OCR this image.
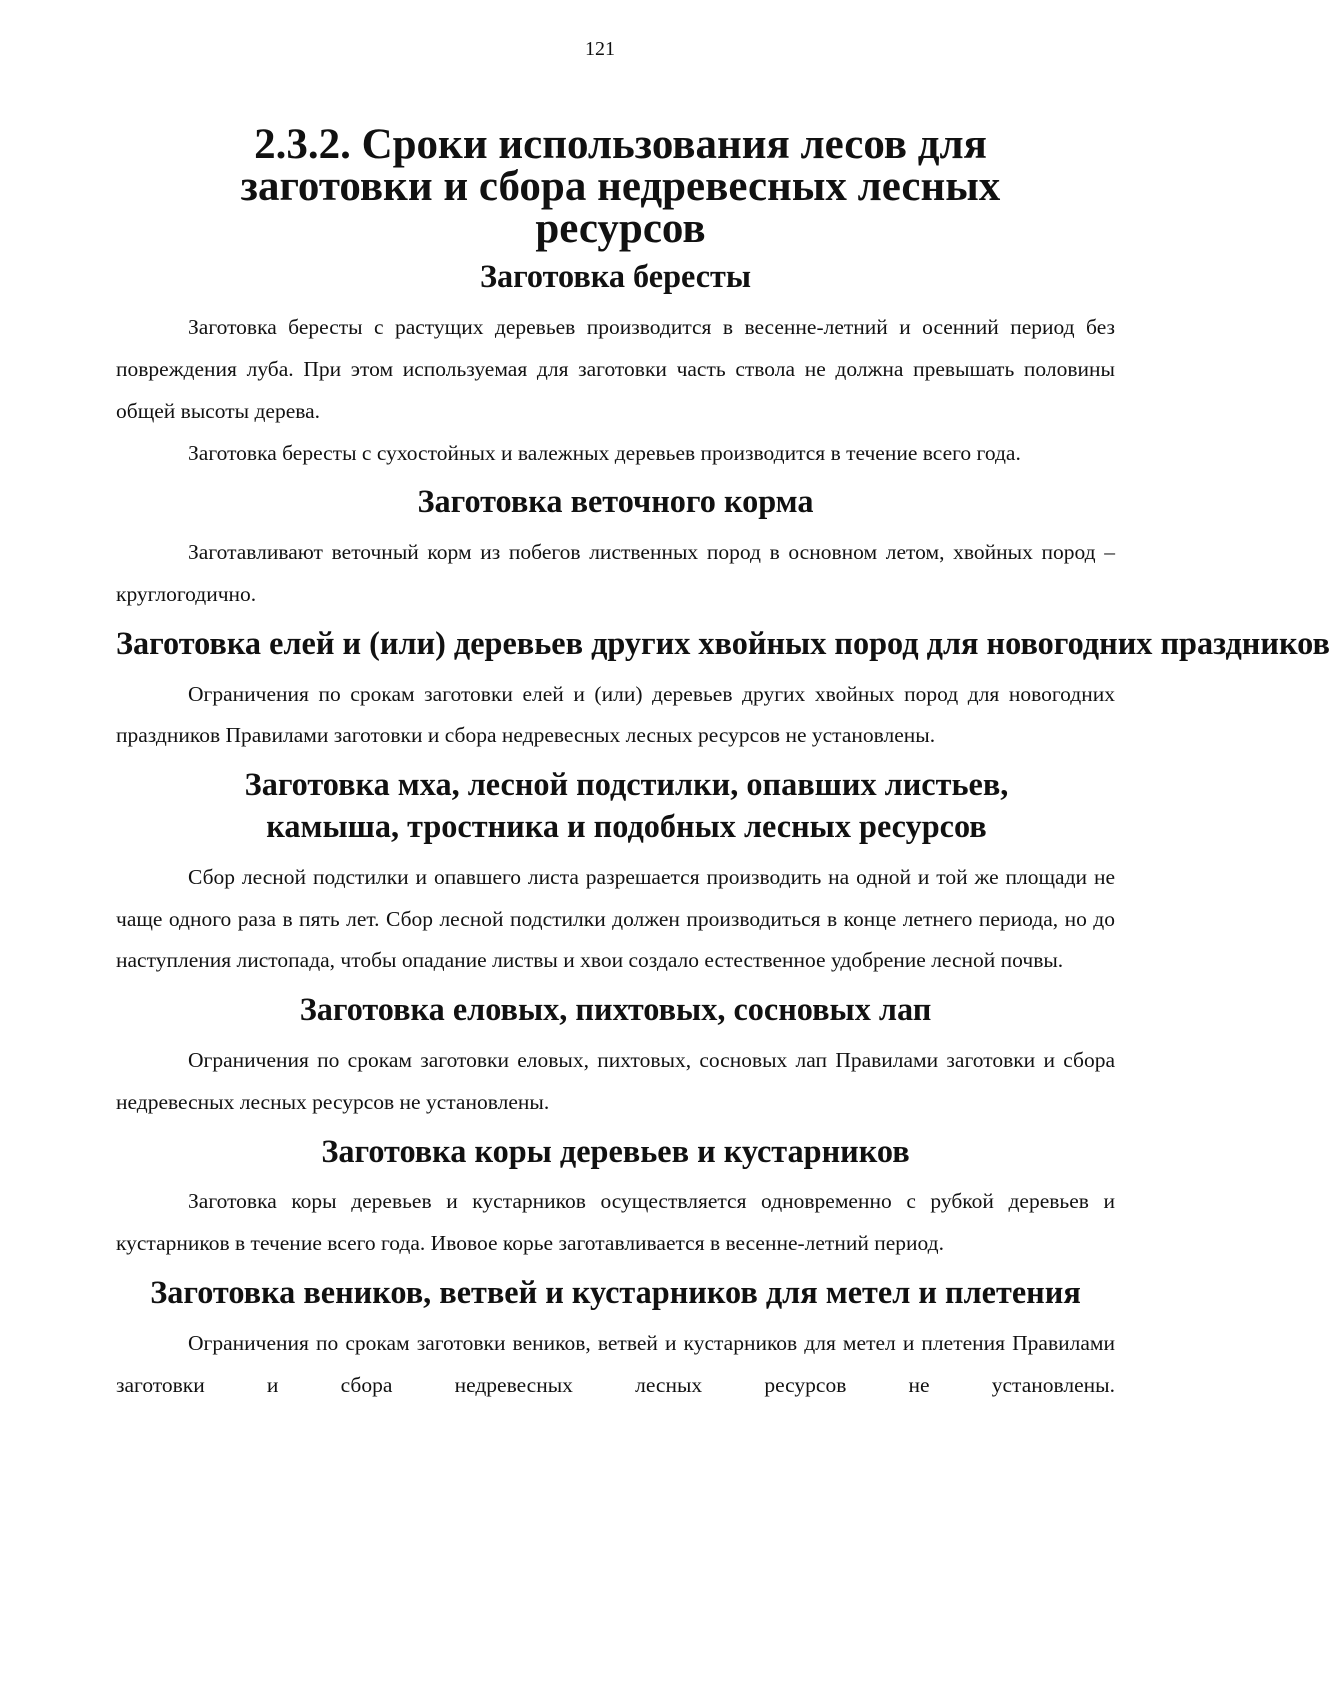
121
2.3.2. Сроки использования лесов для заготовки и сбора недревесных лесных ресурсов
Заготовка бересты

Заготовка бересты с растущих деревьев производится в весенне-летний и осенний период без повреждения луба. При этом используемая для заготовки часть ствола не должна превышать половины общей высоты дерева.

Заготовка бересты с сухостойных и валежных деревьев производится в течение всего года.

Заготовка веточного корма

Заготавливают веточный корм из побегов лиственных пород в основном летом, хвойных пород – круглогодично.

Заготовка елей и (или) деревьев других хвойных пород для новогодних праздников

Ограничения по срокам заготовки елей и (или) деревьев других хвойных пород для новогодних праздников Правилами заготовки и сбора недревесных лесных ресурсов не установлены.

Заготовка мха, лесной подстилки, опавших листьев, камыша, тростника и подобных лесных ресурсов

Сбор лесной подстилки и опавшего листа разрешается производить на одной и той же площади не чаще одного раза в пять лет. Сбор лесной подстилки должен производиться в конце летнего периода, но до наступления листопада, чтобы опадание листвы и хвои создало естественное удобрение лесной почвы.

Заготовка еловых, пихтовых, сосновых лап

Ограничения по срокам заготовки еловых, пихтовых, сосновых лап Правилами заготовки и сбора недревесных лесных ресурсов не установлены.

Заготовка коры деревьев и кустарников

Заготовка коры деревьев и кустарников осуществляется одновременно с рубкой деревьев и кустарников в течение всего года. Ивовое корье заготавливается в весенне-летний период.

Заготовка веников, ветвей и кустарников для метел и плетения

Ограничения по срокам заготовки веников, ветвей и кустарников для метел и плетения Правилами заготовки и сбора недревесных лесных ресурсов не установлены.
